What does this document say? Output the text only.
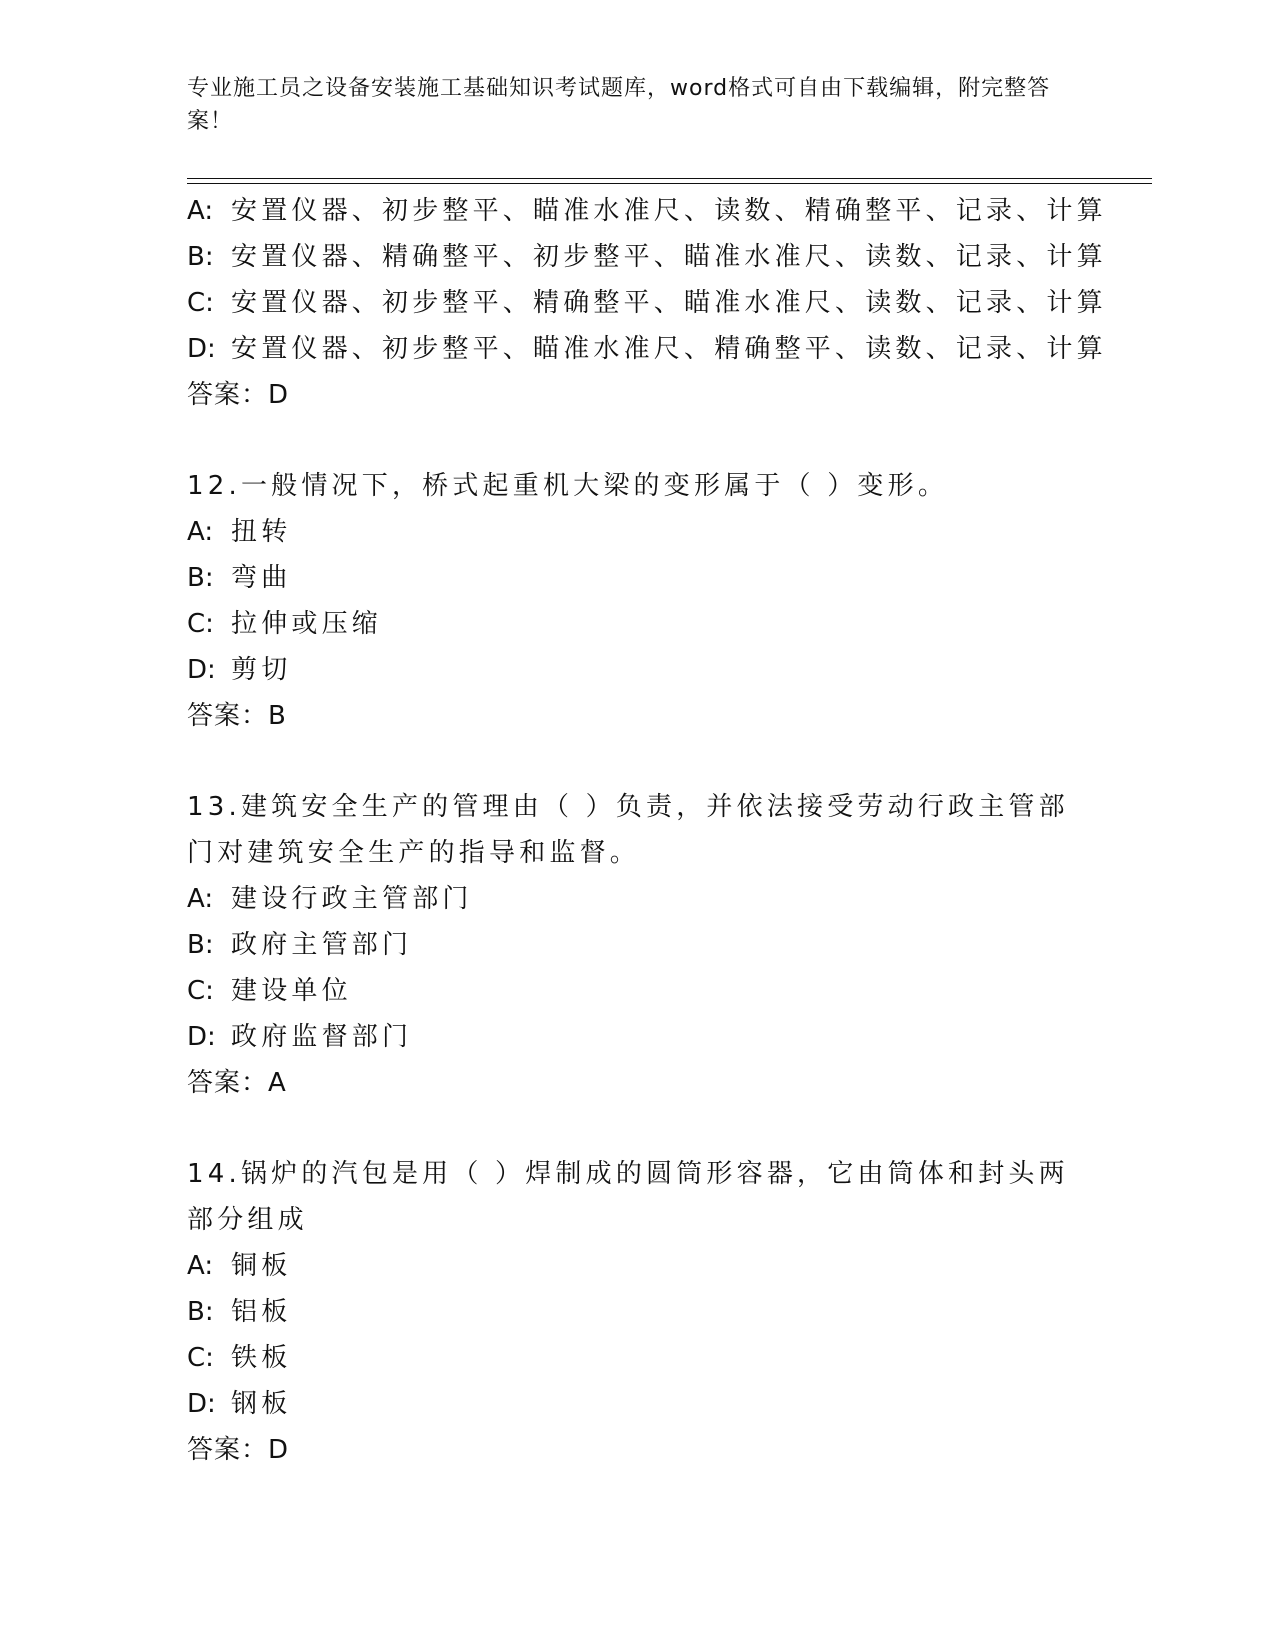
专业施工员之设备安装施工基础知识考试题库，word格式可自由下载编辑，附完整答案！
A: 安置仪器、初步整平、瞄准水准尺、读数、精确整平、记录、计算
B: 安置仪器、精确整平、初步整平、瞄准水准尺、读数、记录、计算
C: 安置仪器、初步整平、精确整平、瞄准水准尺、读数、记录、计算
D: 安置仪器、初步整平、瞄准水准尺、精确整平、读数、记录、计算
答案：D
12.一般情况下，桥式起重机大梁的变形属于（ ）变形。
A: 扭转
B: 弯曲
C: 拉伸或压缩
D: 剪切
答案：B
13.建筑安全生产的管理由（ ）负责，并依法接受劳动行政主管部门对建筑安全生产的指导和监督。
A: 建设行政主管部门
B: 政府主管部门
C: 建设单位
D: 政府监督部门
答案：A
14.锅炉的汽包是用（ ）焊制成的圆筒形容器，它由筒体和封头两部分组成
A: 铜板
B: 铝板
C: 铁板
D: 钢板
答案：D
